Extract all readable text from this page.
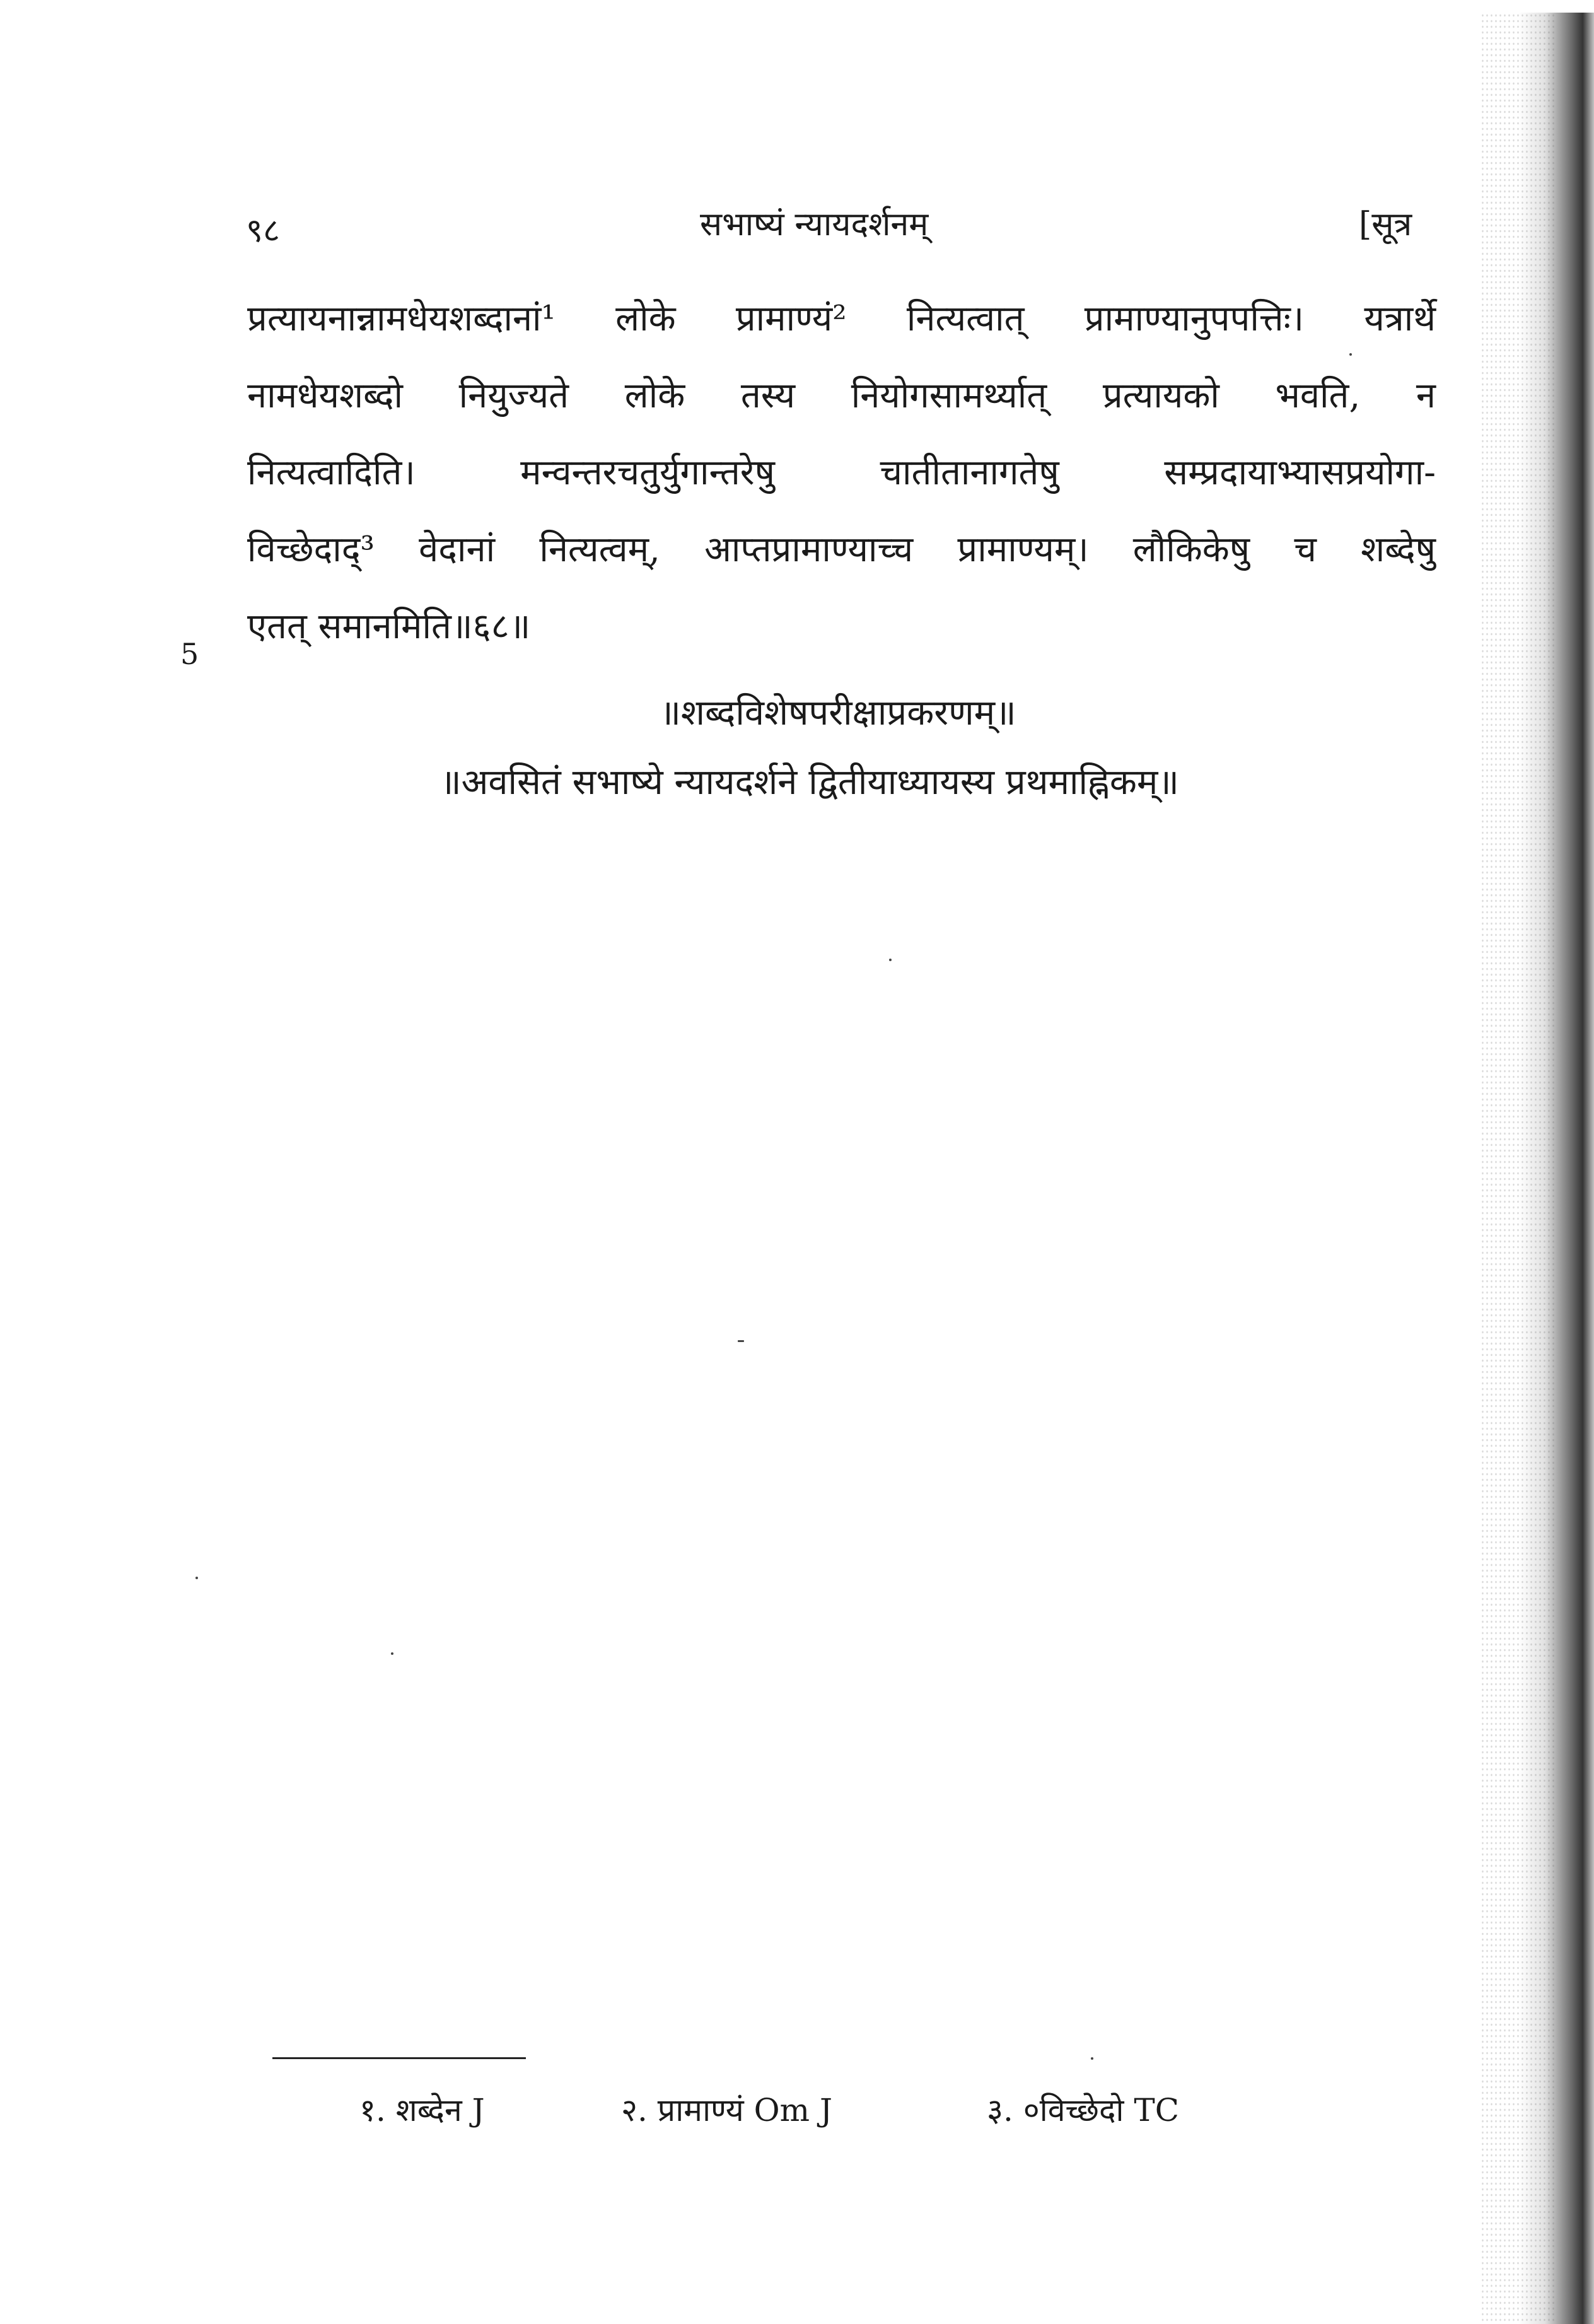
९८	सभाष्यं न्यायदर्शनम्	[सूत्र
प्रत्यायनान्नामधेयशब्दानां¹ लोके प्रामाण्यं² नित्यत्वात् प्रामाण्यानुपपत्तिः। यत्रार्थे
नामधेयशब्दो नियुज्यते लोके तस्य नियोगसामर्थ्यात् प्रत्यायको भवति, न
नित्यत्वादिति। मन्वन्तरचतुर्युगान्तरेषु चातीतानागतेषु सम्प्रदायाभ्यासप्रयोगा-
विच्छेदाद्³ वेदानां नित्यत्वम्, आप्तप्रामाण्याच्च प्रामाण्यम्। लौकिकेषु च शब्देषु
एतत् समानमिति॥६८॥
5
॥शब्दविशेषपरीक्षाप्रकरणम्॥
॥अवसितं सभाष्ये न्यायदर्शने द्वितीयाध्यायस्य प्रथमाह्निकम्॥
१. शब्देन J	२. प्रामाण्यं Om J	३. ०विच्छेदो TC
